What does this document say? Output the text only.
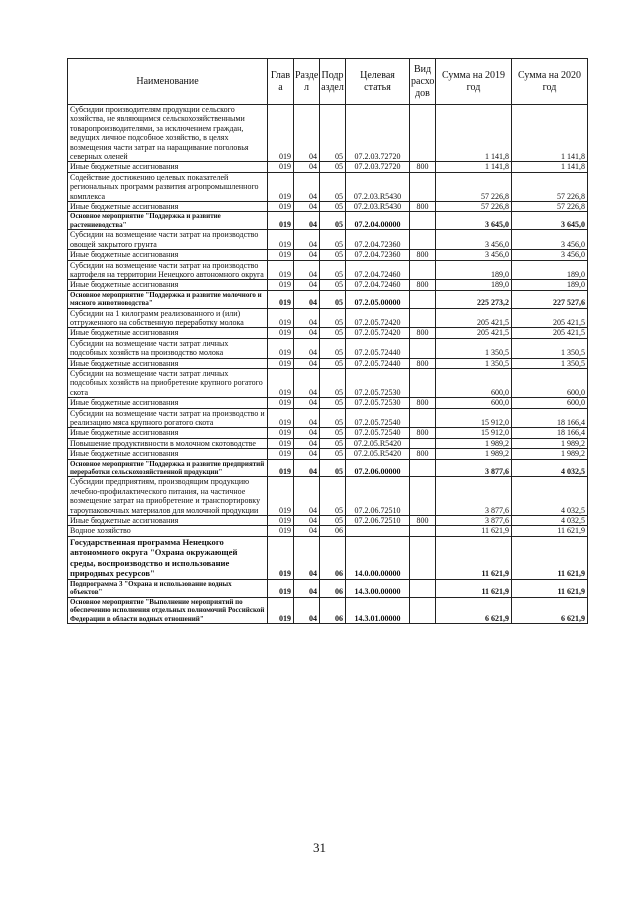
Наименование	Глав а	Разде л	Подр аздел	Целевая статья	Вид расхо дов	Сумма на 2019 год	Сумма на 2020 год
Субсидии производителям продукции сельского хозяйства, не являющимся сельскохозяйственными товаропроизводителями, за исключением граждан, ведущих личное подсобное хозяйство, в целях возмещения части затрат на наращивание поголовья северных оленей	019	04	05	07.2.03.72720		1 141,8	1 141,8
Иные бюджетные ассигнования	019	04	05	07.2.03.72720	800	1 141,8	1 141,8
Содействие достижению целевых показателей региональных программ развития агропромышленного комплекса	019	04	05	07.2.03.R5430		57 226,8	57 226,8
Иные бюджетные ассигнования	019	04	05	07.2.03.R5430	800	57 226,8	57 226,8
Основное мероприятие "Поддержка и развитие растениеводства"	019	04	05	07.2.04.00000		3 645,0	3 645,0
Субсидии на возмещение части затрат на производство овощей закрытого грунта	019	04	05	07.2.04.72360		3 456,0	3 456,0
Иные бюджетные ассигнования	019	04	05	07.2.04.72360	800	3 456,0	3 456,0
Субсидии на возмещение части затрат на производство картофеля на территории Ненецкого автономного округа	019	04	05	07.2.04.72460		189,0	189,0
Иные бюджетные ассигнования	019	04	05	07.2.04.72460	800	189,0	189,0
Основное мероприятие "Поддержка и развитие молочного и мясного животноводства"	019	04	05	07.2.05.00000		225 273,2	227 527,6
Субсидии на 1 килограмм реализованного и (или) отгруженного на собственную переработку молока	019	04	05	07.2.05.72420		205 421,5	205 421,5
Иные бюджетные ассигнования	019	04	05	07.2.05.72420	800	205 421,5	205 421,5
Субсидии на возмещение части затрат личных подсобных хозяйств на производство молока	019	04	05	07.2.05.72440		1 350,5	1 350,5
Иные бюджетные ассигнования	019	04	05	07.2.05.72440	800	1 350,5	1 350,5
Субсидии на возмещение части затрат личных подсобных хозяйств на приобретение крупного рогатого скота	019	04	05	07.2.05.72530		600,0	600,0
Иные бюджетные ассигнования	019	04	05	07.2.05.72530	800	600,0	600,0
Субсидии на возмещение части затрат на производство и реализацию мяса крупного рогатого скота	019	04	05	07.2.05.72540		15 912,0	18 166,4
Иные бюджетные ассигнования	019	04	05	07.2.05.72540	800	15 912,0	18 166,4
Повышение продуктивности в молочном скотоводстве	019	04	05	07.2.05.R5420		1 989,2	1 989,2
Иные бюджетные ассигнования	019	04	05	07.2.05.R5420	800	1 989,2	1 989,2
Основное мероприятие "Поддержка и развитие предприятий переработки сельскохозяйственной продукции"	019	04	05	07.2.06.00000		3 877,6	4 032,5
Субсидии предприятиям, производящим продукцию лечебно-профилактического питания, на частичное возмещение затрат на приобретение и транспортировку тароупаковочных материалов для молочной продукции	019	04	05	07.2.06.72510		3 877,6	4 032,5
Иные бюджетные ассигнования	019	04	05	07.2.06.72510	800	3 877,6	4 032,5
Водное хозяйство	019	04	06			11 621,9	11 621,9
Государственная программа Ненецкого автономного округа "Охрана окружающей среды, воспроизводство и использование природных ресурсов"	019	04	06	14.0.00.00000		11 621,9	11 621,9
Подпрограмма 3 "Охрана и использование водных объектов"	019	04	06	14.3.00.00000		11 621,9	11 621,9
Основное мероприятие "Выполнение мероприятий по обеспечению исполнения отдельных полномочий Российской Федерации в области водных отношений"	019	04	06	14.3.01.00000		6 621,9	6 621,9
31
